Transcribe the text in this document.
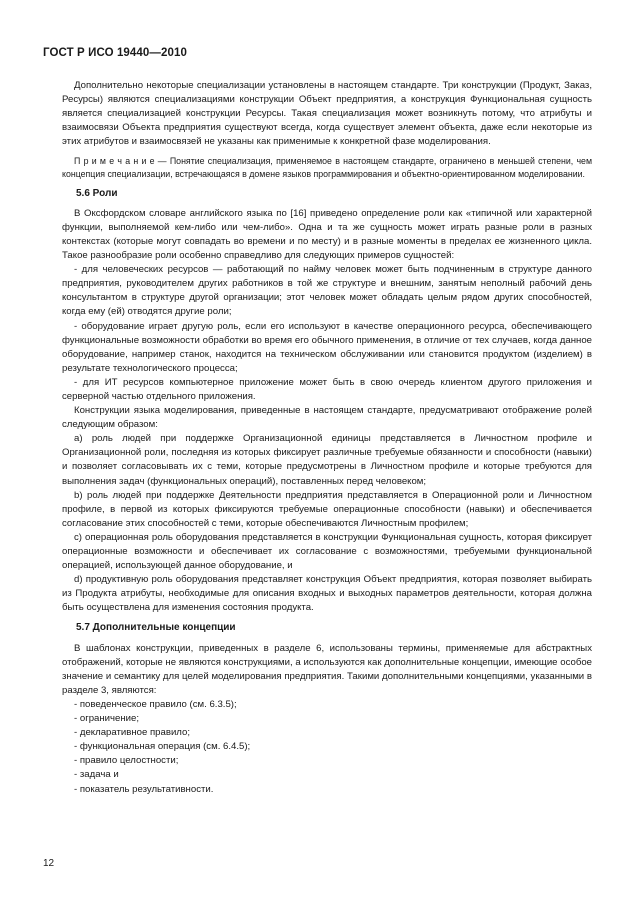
ГОСТ Р ИСО 19440—2010

Дополнительно некоторые специализации установлены в настоящем стандарте. Три конструкции (Продукт, Заказ, Ресурсы) являются специализациями конструкции Объект предприятия, а конструкция Функциональная сущность является специализацией конструкции Ресурсы. Такая специализация может возникнуть потому, что атрибуты и взаимосвязи Объекта предприятия существуют всегда, когда существует элемент объекта, даже если некоторые из этих атрибутов и взаимосвязей не указаны как применимые к конкретной фазе моделирования.

П р и м е ч а н и е — Понятие специализация, применяемое в настоящем стандарте, ограничено в меньшей степени, чем концепция специализации, встречающаяся в домене языков программирования и объектно-ориентированном моделировании.

5.6 Роли

В Оксфордском словаре английского языка по [16] приведено определение роли как «типичной или характерной функции, выполняемой кем-либо или чем-либо». Одна и та же сущность может играть разные роли в разных контекстах (которые могут совпадать во времени и по месту) и в разные моменты в пределах ее жизненного цикла. Такое разнообразие роли особенно справедливо для следующих примеров сущностей:

- для человеческих ресурсов — работающий по найму человек может быть подчиненным в структуре данного предприятия, руководителем других работников в той же структуре и внешним, занятым неполный рабочий день консультантом в структуре другой организации; этот человек может обладать целым рядом других способностей, когда ему (ей) отводятся другие роли;

- оборудование играет другую роль, если его используют в качестве операционного ресурса, обеспечивающего функциональные возможности обработки во время его обычного применения, в отличие от тех случаев, когда данное оборудование, например станок, находится на техническом обслуживании или становится продуктом (изделием) в результате технологического процесса;

- для ИТ ресурсов компьютерное приложение может быть в свою очередь клиентом другого приложения и серверной частью отдельного приложения.

Конструкции языка моделирования, приведенные в настоящем стандарте, предусматривают отображение ролей следующим образом:

а) роль людей при поддержке Организационной единицы представляется в Личностном профиле и Организационной роли, последняя из которых фиксирует различные требуемые обязанности и способности (навыки) и позволяет согласовывать их с теми, которые предусмотрены в Личностном профиле и которые требуются для выполнения задач (функциональных операций), поставленных перед человеком;

b) роль людей при поддержке Деятельности предприятия представляется в Операционной роли и Личностном профиле, в первой из которых фиксируются требуемые операционные способности (навыки) и обеспечивается согласование этих способностей с теми, которые обеспечиваются Личностным профилем;

с) операционная роль оборудования представляется в конструкции Функциональная сущность, которая фиксирует операционные возможности и обеспечивает их согласование с возможностями, требуемыми функциональной операцией, использующей данное оборудование, и

d) продуктивную роль оборудования представляет конструкция Объект предприятия, которая позволяет выбирать из Продукта атрибуты, необходимые для описания входных и выходных параметров деятельности, которая должна быть осуществлена для изменения состояния продукта.

5.7 Дополнительные концепции

В шаблонах конструкции, приведенных в разделе 6, использованы термины, применяемые для абстрактных отображений, которые не являются конструкциями, а используются как дополнительные концепции, имеющие особое значение и семантику для целей моделирования предприятия. Такими дополнительными концепциями, указанными в разделе 3, являются:

- поведенческое правило (см. 6.3.5);
- ограничение;
- декларативное правило;
- функциональная операция (см. 6.4.5);
- правило целостности;
- задача и
- показатель результативности.
12
